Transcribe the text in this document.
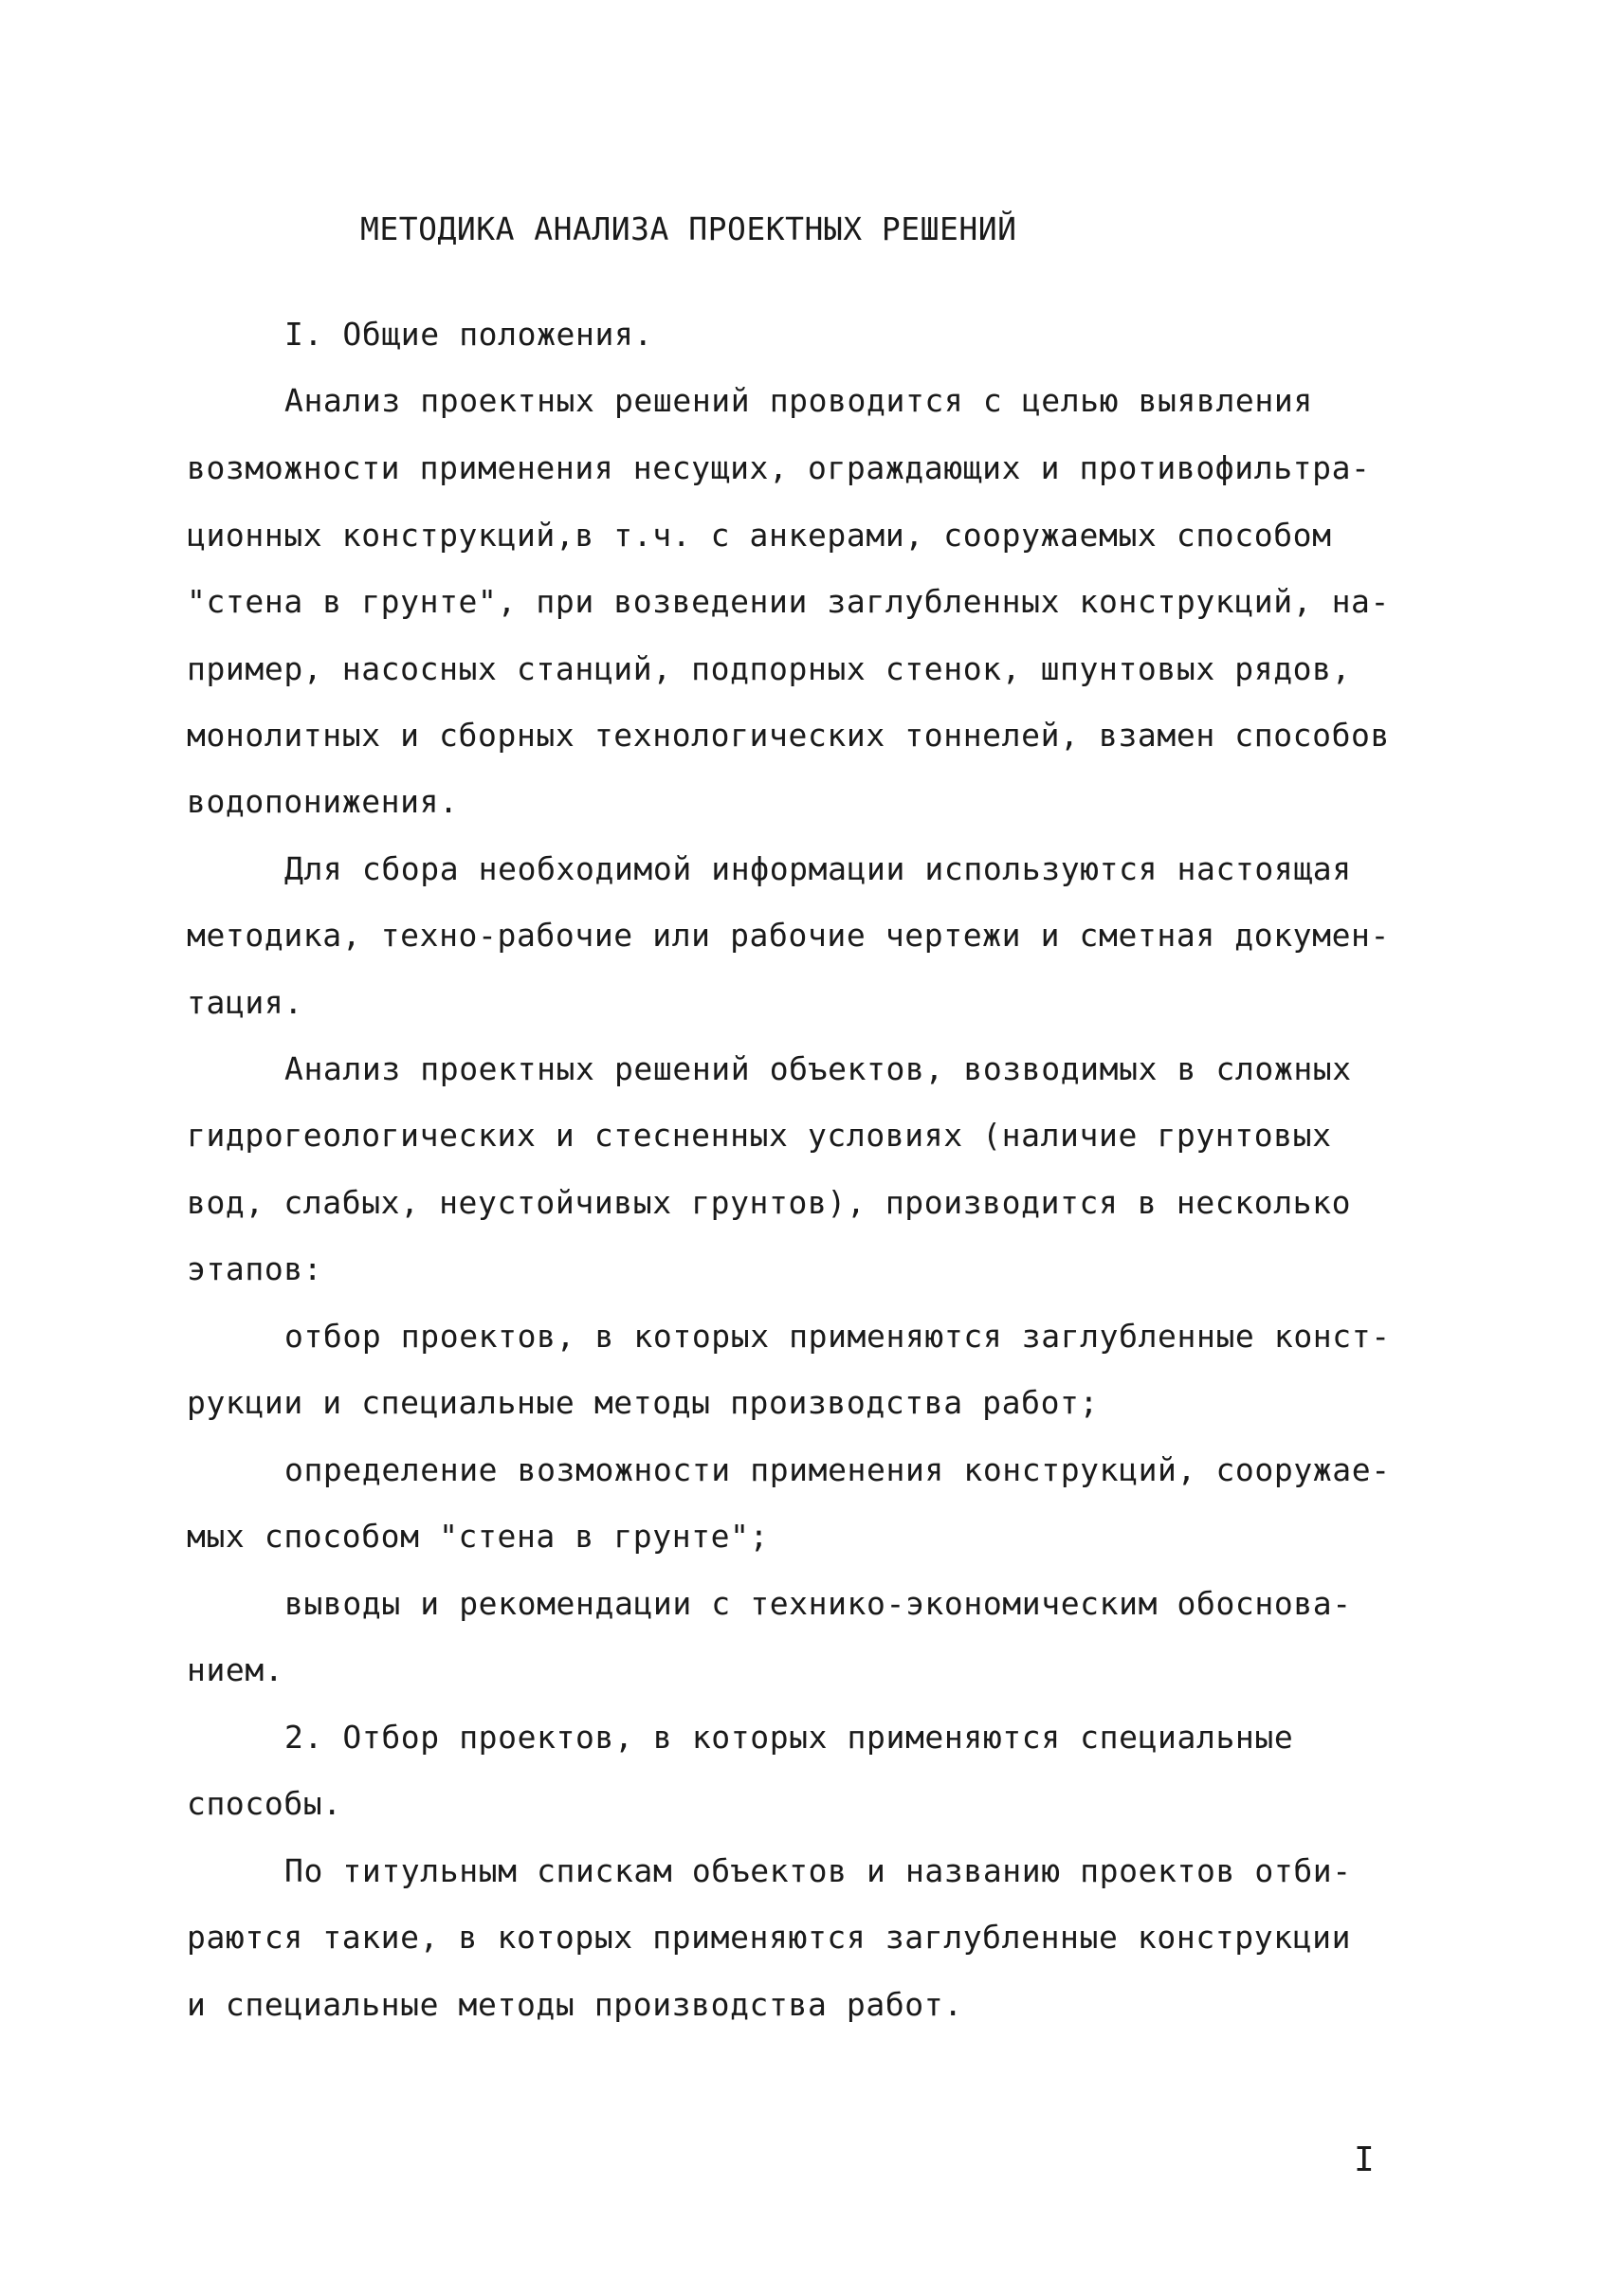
МЕТОДИКА АНАЛИЗА ПРОЕКТНЫХ РЕШЕНИЙ
I. Общие положения.
Анализ проектных решений проводится с целью выявления
возможности применения несущих, ограждающих и противофильтра-
ционных конструкций,в т.ч. с анкерами, сооружаемых способом
"стена в грунте", при возведении заглубленных конструкций, на-
пример, насосных станций, подпорных стенок, шпунтовых рядов,
монолитных и сборных технологических тоннелей, взамен способов
водопонижения.
Для сбора необходимой информации используются настоящая
методика, техно-рабочие или рабочие чертежи и сметная докумен-
тация.
Анализ проектных решений объектов, возводимых в сложных
гидрогеологических и стесненных условиях (наличие грунтовых
вод, слабых, неустойчивых грунтов), производится в несколько
этапов:
отбор проектов, в которых применяются заглубленные конст-
рукции и специальные методы производства работ;
определение возможности применения конструкций, сооружае-
мых способом "стена в грунте";
выводы и рекомендации с технико-экономическим обоснова-
нием.
2. Отбор проектов, в которых применяются специальные
способы.
По титульным спискам объектов и названию проектов отби-
раются такие, в которых применяются заглубленные конструкции
и специальные методы производства работ.
I
